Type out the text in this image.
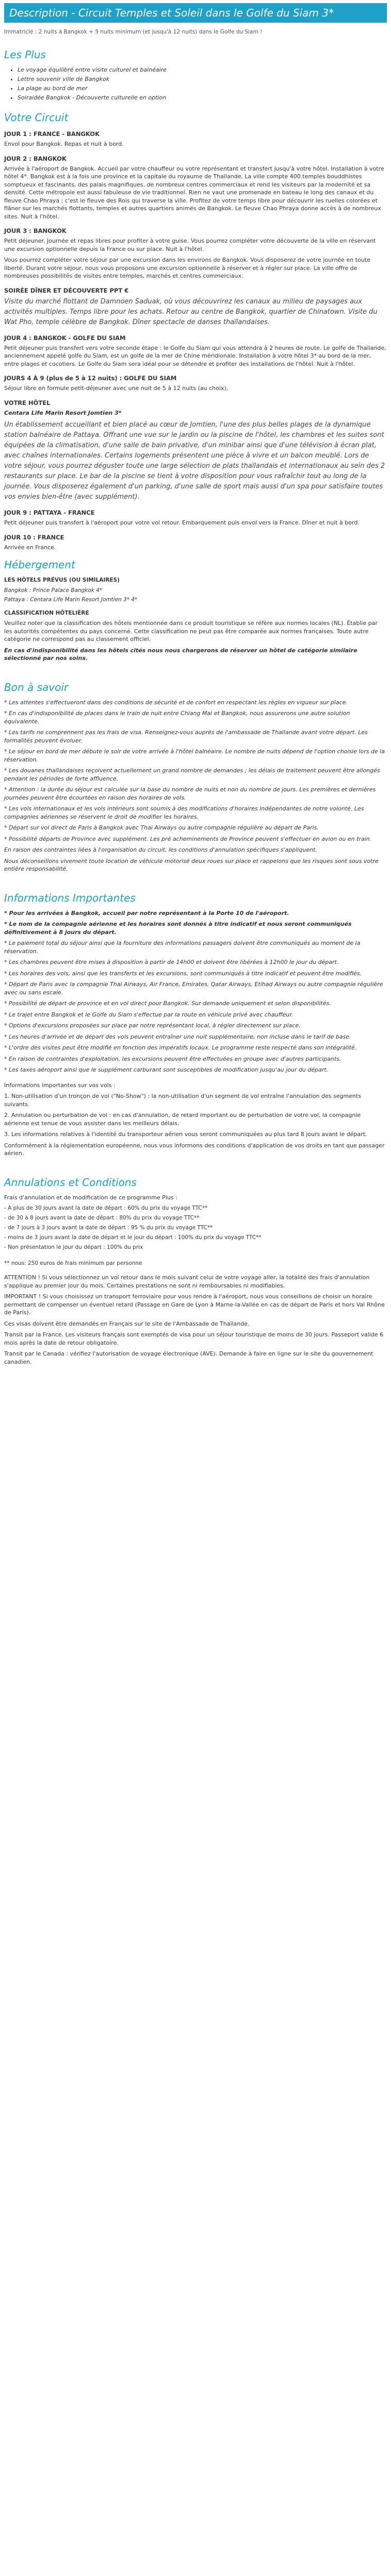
Description - Circuit Temples et Soleil dans le Golfe du Siam 3*
Immatriclé : 2 nuits à Bangkok + 5 nuits minimum (et jusqu'à 12 nuits) dans le Golfe du Siam !
Les Plus
• Le voyage équilibré entre visite culturel et balnéaire
• Lettre souvenir ville de Bangkok
• La plage au bord de mer
• Soiraidée Bangkok - Découverte culturelle en option
Votre Circuit
JOUR 1 : FRANCE - BANGKOK
Envol pour Bangkok. Repas et nuit à bord.
JOUR 2 : BANGKOK
Arrivée à l'aéroport de Bangkok. Accueil par votre chauffeur ou votre représentant et transfert jusqu'à votre hôtel. Installation à votre hôtel 4*. Bangkok est à la fois une province et la capitale du royaume de Thaïlande. La ville compte 400 temples bouddhistes somptueux et fascinants, des palais magnifiques, de nombreux centres commerciaux et rend les visiteurs par la modernité et sa densité. Cette métropole est aussi fabuleuse de vie traditionnel. Rien ne vaut une promenade en bateau le long des canaux et du fleuve Chao Phraya : c'est le fleuve des Rois qui traverse la ville. Profitez de votre temps libre pour découvrir les ruelles colorées et flâner sur les marchés flottants, temples et autres quartiers animés de Bangkok. Le fleuve Chao Phraya donne accès à de nombreux sites. Nuit à l'hôtel.
JOUR 3 : BANGKOK
Petit déjeuner. Journée et repas libres pour profiter à votre guise. Vous pourrez compléter votre découverte de la ville en réservant une excursion optionnelle depuis la France ou sur place. Nuit à l'hôtel.
Vous pourrez compléter votre séjour par une excursion dans les environs de Bangkok. Vous disposerez de votre journée en toute liberté. Durant votre séjour, nous vous proposons une excursion optionnelle à réserver et à régler sur place. La ville offre de nombreuses possibilités de visites entre temples, marchés et centres commerciaux.
SOIRÉE DÎNER ET DÉCOUVERTE PPT €
Visite du marché flottant de Damnoen Saduak, où vous découvrirez les canaux au milieu de paysages aux activités multiples. Temps libre pour les achats. Retour au centre de Bangkok, quartier de Chinatown. Visite du Wat Pho, temple célèbre de Bangkok. Dîner spectacle de danses thaïlandaises.
JOUR 4 : BANGKOK - GOLFE DU SIAM
Petit déjeuner puis transfert vers votre seconde étape : le Golfe du Siam qui vous attendra à 2 heures de route. Le golfe de Thaïlande, anciennement appelé golfe du Siam, est un golfe de la mer de Chine méridionale. Installation à votre hôtel 3* au bord de la mer, entre plages et cocotiers. Le Golfe du Siam sera idéal pour se détendre et profiter des installations de l'hôtel. Nuit à l'hôtel.
JOURS 4 À 9 (plus de 5 à 12 nuits) : GOLFE DU SIAM
Séjour libre en formule petit-déjeuner avec une nuit de 5 à 12 nuits (au choix).
VOTRE HÔTEL
Centara Life Marin Resort Jomtien 3*
Un établissement accueillant et bien placé au cœur de Jomtien, l'une des plus belles plages de la dynamique station balnéaire de Pattaya. Offrant une vue sur le jardin ou la piscine de l'hôtel, les chambres et les suites sont équipées de la climatisation, d'une salle de bain privative, d'un minibar ainsi que d'une télévision à écran plat, avec chaînes internationales. Certains logements présentent une pièce à vivre et un balcon meublé. Lors de votre séjour, vous pourrez déguster toute une large sélection de plats thaïlandais et internationaux au sein des 2 restaurants sur place. Le bar de la piscine se tient à votre disposition pour vous rafraîchir tout au long de la journée. Vous disposerez également d'un parking, d'une salle de sport mais aussi d'un spa pour satisfaire toutes vos envies bien-être (avec supplément).
JOUR 9 : PATTAYA - FRANCE
Petit déjeuner puis transfert à l'aéroport pour votre vol retour. Embarquement puis envol vers la France. Dîner et nuit à bord.
JOUR 10 : FRANCE
Arrivée en France.
Hébergement
LES HÔTELS PRÉVUS (OU SIMILAIRES)
Bangkok : Prince Palace Bangkok 4*
Pattaya : Centara Life Marin Resort Jomtien 3* 4*
CLASSIFICATION HÔTELIÈRE
Veuillez noter que la classification des hôtels mentionnée dans ce produit touristique se réfère aux normes locales (NL). Établie par les autorités compétentes du pays concerné. Cette classification ne peut pas être comparée aux normes françaises. Toute autre catégorie ne correspond pas au classement officiel.
En cas d'indisponibilité dans les hôtels cités nous nous chargerons de réserver un hôtel de catégorie similaire sélectionné par nos soins.
Bon à savoir
* Les attentes s'effectueront dans des conditions de sécurité et de confort en respectant les règles en vigueur sur place.
* En cas d'indisponibilité de places dans le train de nuit entre Chiang Mai et Bangkok, nous assurerons une autre solution équivalente.
* Les tarifs ne comprennent pas les frais de visa. Renseignez-vous auprès de l'ambassade de Thaïlande avant votre départ. Les formalités peuvent évoluer.
* Le séjour en bord de mer débute le soir de votre arrivée à l'hôtel balnéaire. Le nombre de nuits dépend de l'option choisie lors de la réservation.
* Les douanes thaïlandaises reçoivent actuellement un grand nombre de demandes ; les délais de traitement peuvent être allongés pendant les périodes de forte affluence.
* Attention : la durée du séjour est calculée sur la base du nombre de nuits et non du nombre de jours. Les premières et dernières journées peuvent être écourtées en raison des horaires de vols.
* Les vols internationaux et les vols intérieurs sont soumis à des modifications d'horaires indépendantes de notre volonté. Les compagnies aériennes se réservent le droit de modifier les horaires.
* Départ sur vol direct de Paris à Bangkok avec Thai Airways ou autre compagnie régulière au départ de Paris.
* Possibilité départs de Province avec supplément. Les pré acheminements de Province peuvent s'effectuer en avion ou en train.
En raison des contraintes liées à l'organisation du circuit, les conditions d'annulation spécifiques s'appliquent.
Nous déconseillons vivement toute location de véhicule motorisé deux roues sur place et rappelons que les risques sont sous votre entière responsabilité.
Informations Importantes
* Pour les arrivées à Bangkok, accueil par notre représentant à la Porte 10 de l'aéroport.
* Le nom de la compagnie aérienne et les horaires sont donnés à titre indicatif et nous seront communiqués définitivement à 8 jours du départ.
* Le paiement total du séjour ainsi que la fourniture des informations passagers doivent être communiqués au moment de la réservation.
* Les chambres peuvent être mises à disposition à partir de 14h00 et doivent être libérées à 12h00 le jour du départ.
* Les horaires des vols, ainsi que les transferts et les excursions, sont communiqués à titre indicatif et peuvent être modifiés.
* Départ de Paris avec la compagnie Thai Airways, Air France, Emirates, Qatar Airways, Etihad Airways ou autre compagnie régulière avec ou sans escale.
* Possibilité de départ de province et en vol direct pour Bangkok. Sur demande uniquement et selon disponibilités.
* Le trajet entre Bangkok et le Golfe du Siam s'effectue par la route en véhicule privé avec chauffeur.
* Options d'excursions proposées sur place par notre représentant local, à régler directement sur place.
* Les heures d'arrivée et de départ des vols peuvent entraîner une nuit supplémentaire, non incluse dans le tarif de base.
* L'ordre des visites peut être modifié en fonction des impératifs locaux. Le programme reste respecté dans son intégralité.
* En raison de contraintes d'exploitation, les excursions peuvent être effectuées en groupe avec d'autres participants.
* Les taxes aéroport ainsi que le supplément carburant sont susceptibles de modification jusqu'au jour du départ.
Informations importantes sur vos vols :
1. Non-utilisation d'un tronçon de vol ("No-Show") : la non-utilisation d'un segment de vol entraîne l'annulation des segments suivants.
2. Annulation ou perturbation de vol : en cas d'annulation, de retard important ou de perturbation de votre vol, la compagnie aérienne est tenue de vous assister dans les meilleurs délais.
3. Les informations relatives à l'identité du transporteur aérien vous seront communiquées au plus tard 8 jours avant le départ.
Conformément à la réglementation européenne, nous vous informons des conditions d'application de vos droits en tant que passager aérien.
Annulations et Conditions
Frais d'annulation et de modification de ce programme Plus :
- A plus de 30 jours avant la date de départ : 60% du prix du voyage TTC**
- de 30 à 8 jours avant la date de départ : 80% du prix du voyage TTC**
- de 7 jours à 3 jours avant la date de départ : 95 % du prix du voyage TTC**
- moins de 3 jours avant la date de départ et le jour du départ : 100% du prix du voyage TTC**
- Non présentation le jour du départ : 100% du prix
** nous: 250 euros de frais minimum par personne
ATTENTION ! Si vous sélectionnez un vol retour dans le mois suivant celui de votre voyage aller, la totalité des frais d'annulation s'applique au premier jour du mois. Certaines prestations ne sont ni remboursables ni modifiables.
IMPORTANT ! Si vous choisissez un transport ferroviaire pour vous rendre à l'aéroport, nous vous conseillons de choisir un horaire permettant de compenser un éventuel retard (Passage en Gare de Lyon à Marne-la-Vallée en cas de départ de Paris et hors Val Rhône de Paris).
Ces visas doivent être demandés en Français sur le site de l'Ambassade de Thaïlande.
Transit par la France. Les visiteurs français sont exemptés de visa pour un séjour touristique de moins de 30 jours. Passeport valide 6 mois après la date de retour obligatoire.
Transit par le Canada : vérifiez l'autorisation de voyage électronique (AVE). Demande à faire en ligne sur le site du gouvernement canadien.
